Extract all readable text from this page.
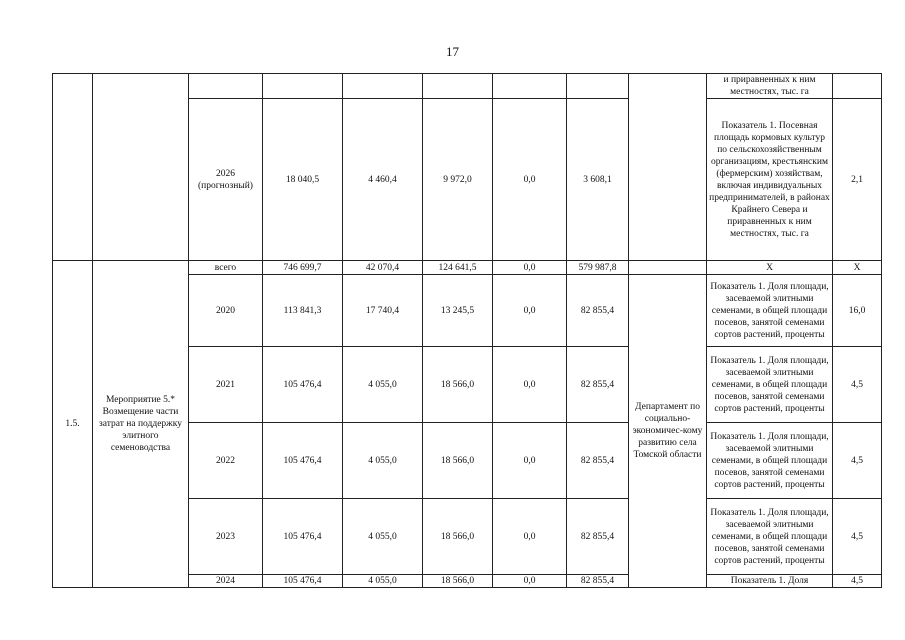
17
									и приравненных к ним местностях, тыс. га	
		2026 (прогнозный)	18 040,5	4 460,4	9 972,0	0,0	3 608,1		Показатель 1. Посевная площадь кормовых культур по сельскохозяйственным организациям, крестьянским (фермерским) хозяйствам, включая индивидуальных предпринимателей, в районах Крайнего Севера и приравненных к ним местностях, тыс. га	2,1
1.5.	Мероприятие 5.* Возмещение части затрат на поддержку элитного семеноводства	всего	746 699,7	42 070,4	124 641,5	0,0	579 987,8		X	X
		2020	113 841,3	17 740,4	13 245,5	0,0	82 855,4	Департамент по социально-экономичес-кому развитию села Томской области	Показатель 1. Доля площади, засеваемой элитными семенами, в общей площади посевов, занятой семенами сортов растений, проценты	16,0
		2021	105 476,4	4 055,0	18 566,0	0,0	82 855,4		Показатель 1. Доля площади, засеваемой элитными семенами, в общей площади посевов, занятой семенами сортов растений, проценты	4,5
		2022	105 476,4	4 055,0	18 566,0	0,0	82 855,4		Показатель 1. Доля площади, засеваемой элитными семенами, в общей площади посевов, занятой семенами сортов растений, проценты	4,5
		2023	105 476,4	4 055,0	18 566,0	0,0	82 855,4		Показатель 1. Доля площади, засеваемой элитными семенами, в общей площади посевов, занятой семенами сортов растений, проценты	4,5
		2024	105 476,4	4 055,0	18 566,0	0,0	82 855,4		Показатель 1. Доля	4,5
